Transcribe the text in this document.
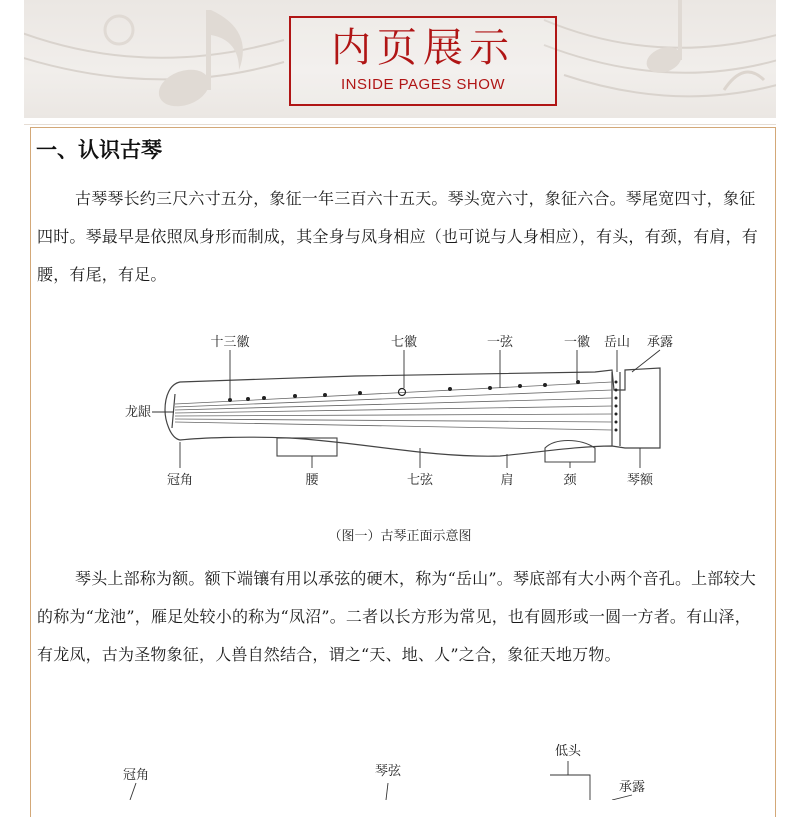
内页展示
INSIDE PAGES SHOW
一、认识古琴

古琴琴长约三尺六寸五分，象征一年三百六十五天。琴头宽六寸，象征六合。琴尾宽四寸，象征四时。琴最早是依照凤身形而制成，其全身与凤身相应（也可说与人身相应），有头，有颈，有肩，有腰，有尾，有足。

十三徽	七徽	一弦	一徽 岳山 承露
龙龈
冠角	腰	七弦	肩	颈	琴额

（图一）古琴正面示意图

琴头上部称为额。额下端镶有用以承弦的硬木，称为“岳山”。琴底部有大小两个音孔。上部较大的称为“龙池”，雁足处较小的称为“凤沼”。二者以长方形为常见，也有圆形或一圆一方者。有山泽，有龙凤，古为圣物象征，人兽自然结合，谓之“天、地、人”之合，象征天地万物。

冠角	琴弦
低头
承露
